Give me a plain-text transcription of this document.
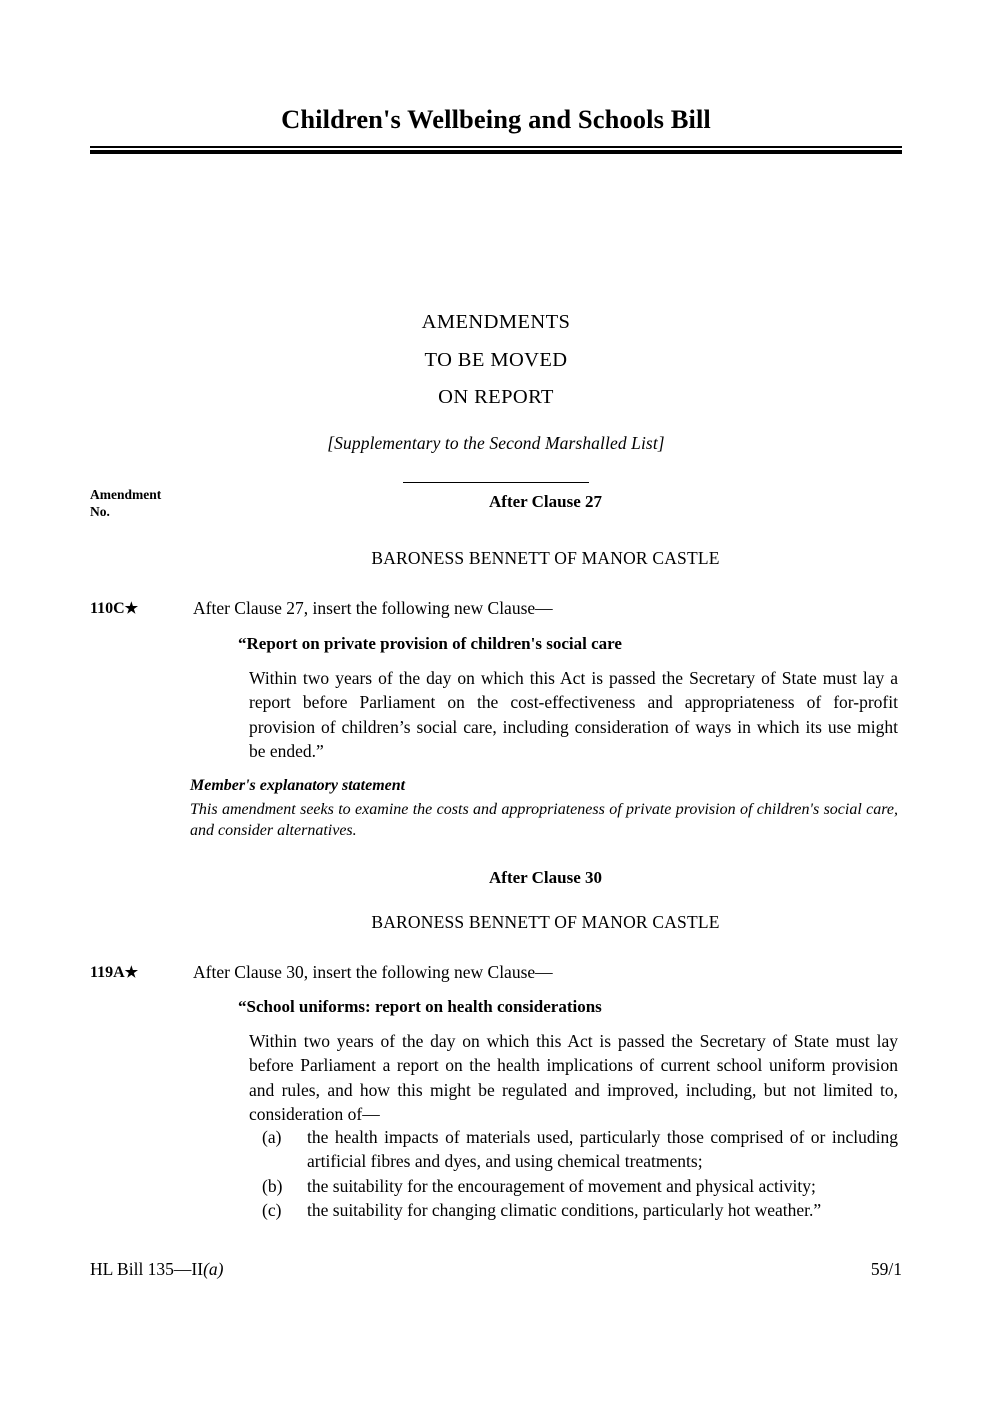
Children's Wellbeing and Schools Bill
AMENDMENTS
TO BE MOVED
ON REPORT
[Supplementary to the Second Marshalled List]
Amendment
No.	After Clause 27
BARONESS BENNETT OF MANOR CASTLE
110C★	After Clause 27, insert the following new Clause—
“Report on private provision of children's social care
Within two years of the day on which this Act is passed the Secretary of State must lay a report before Parliament on the cost-effectiveness and appropriateness of for-profit provision of children’s social care, including consideration of ways in which its use might be ended.”
Member's explanatory statement
This amendment seeks to examine the costs and appropriateness of private provision of children's social care, and consider alternatives.
After Clause 30
BARONESS BENNETT OF MANOR CASTLE
119A★	After Clause 30, insert the following new Clause—
“School uniforms: report on health considerations
Within two years of the day on which this Act is passed the Secretary of State must lay before Parliament a report on the health implications of current school uniform provision and rules, and how this might be regulated and improved, including, but not limited to, consideration of—
(a)	the health impacts of materials used, particularly those comprised of or including artificial fibres and dyes, and using chemical treatments;
(b)	the suitability for the encouragement of movement and physical activity;
(c)	the suitability for changing climatic conditions, particularly hot weather.”
HL Bill 135—II(a)	59/1
